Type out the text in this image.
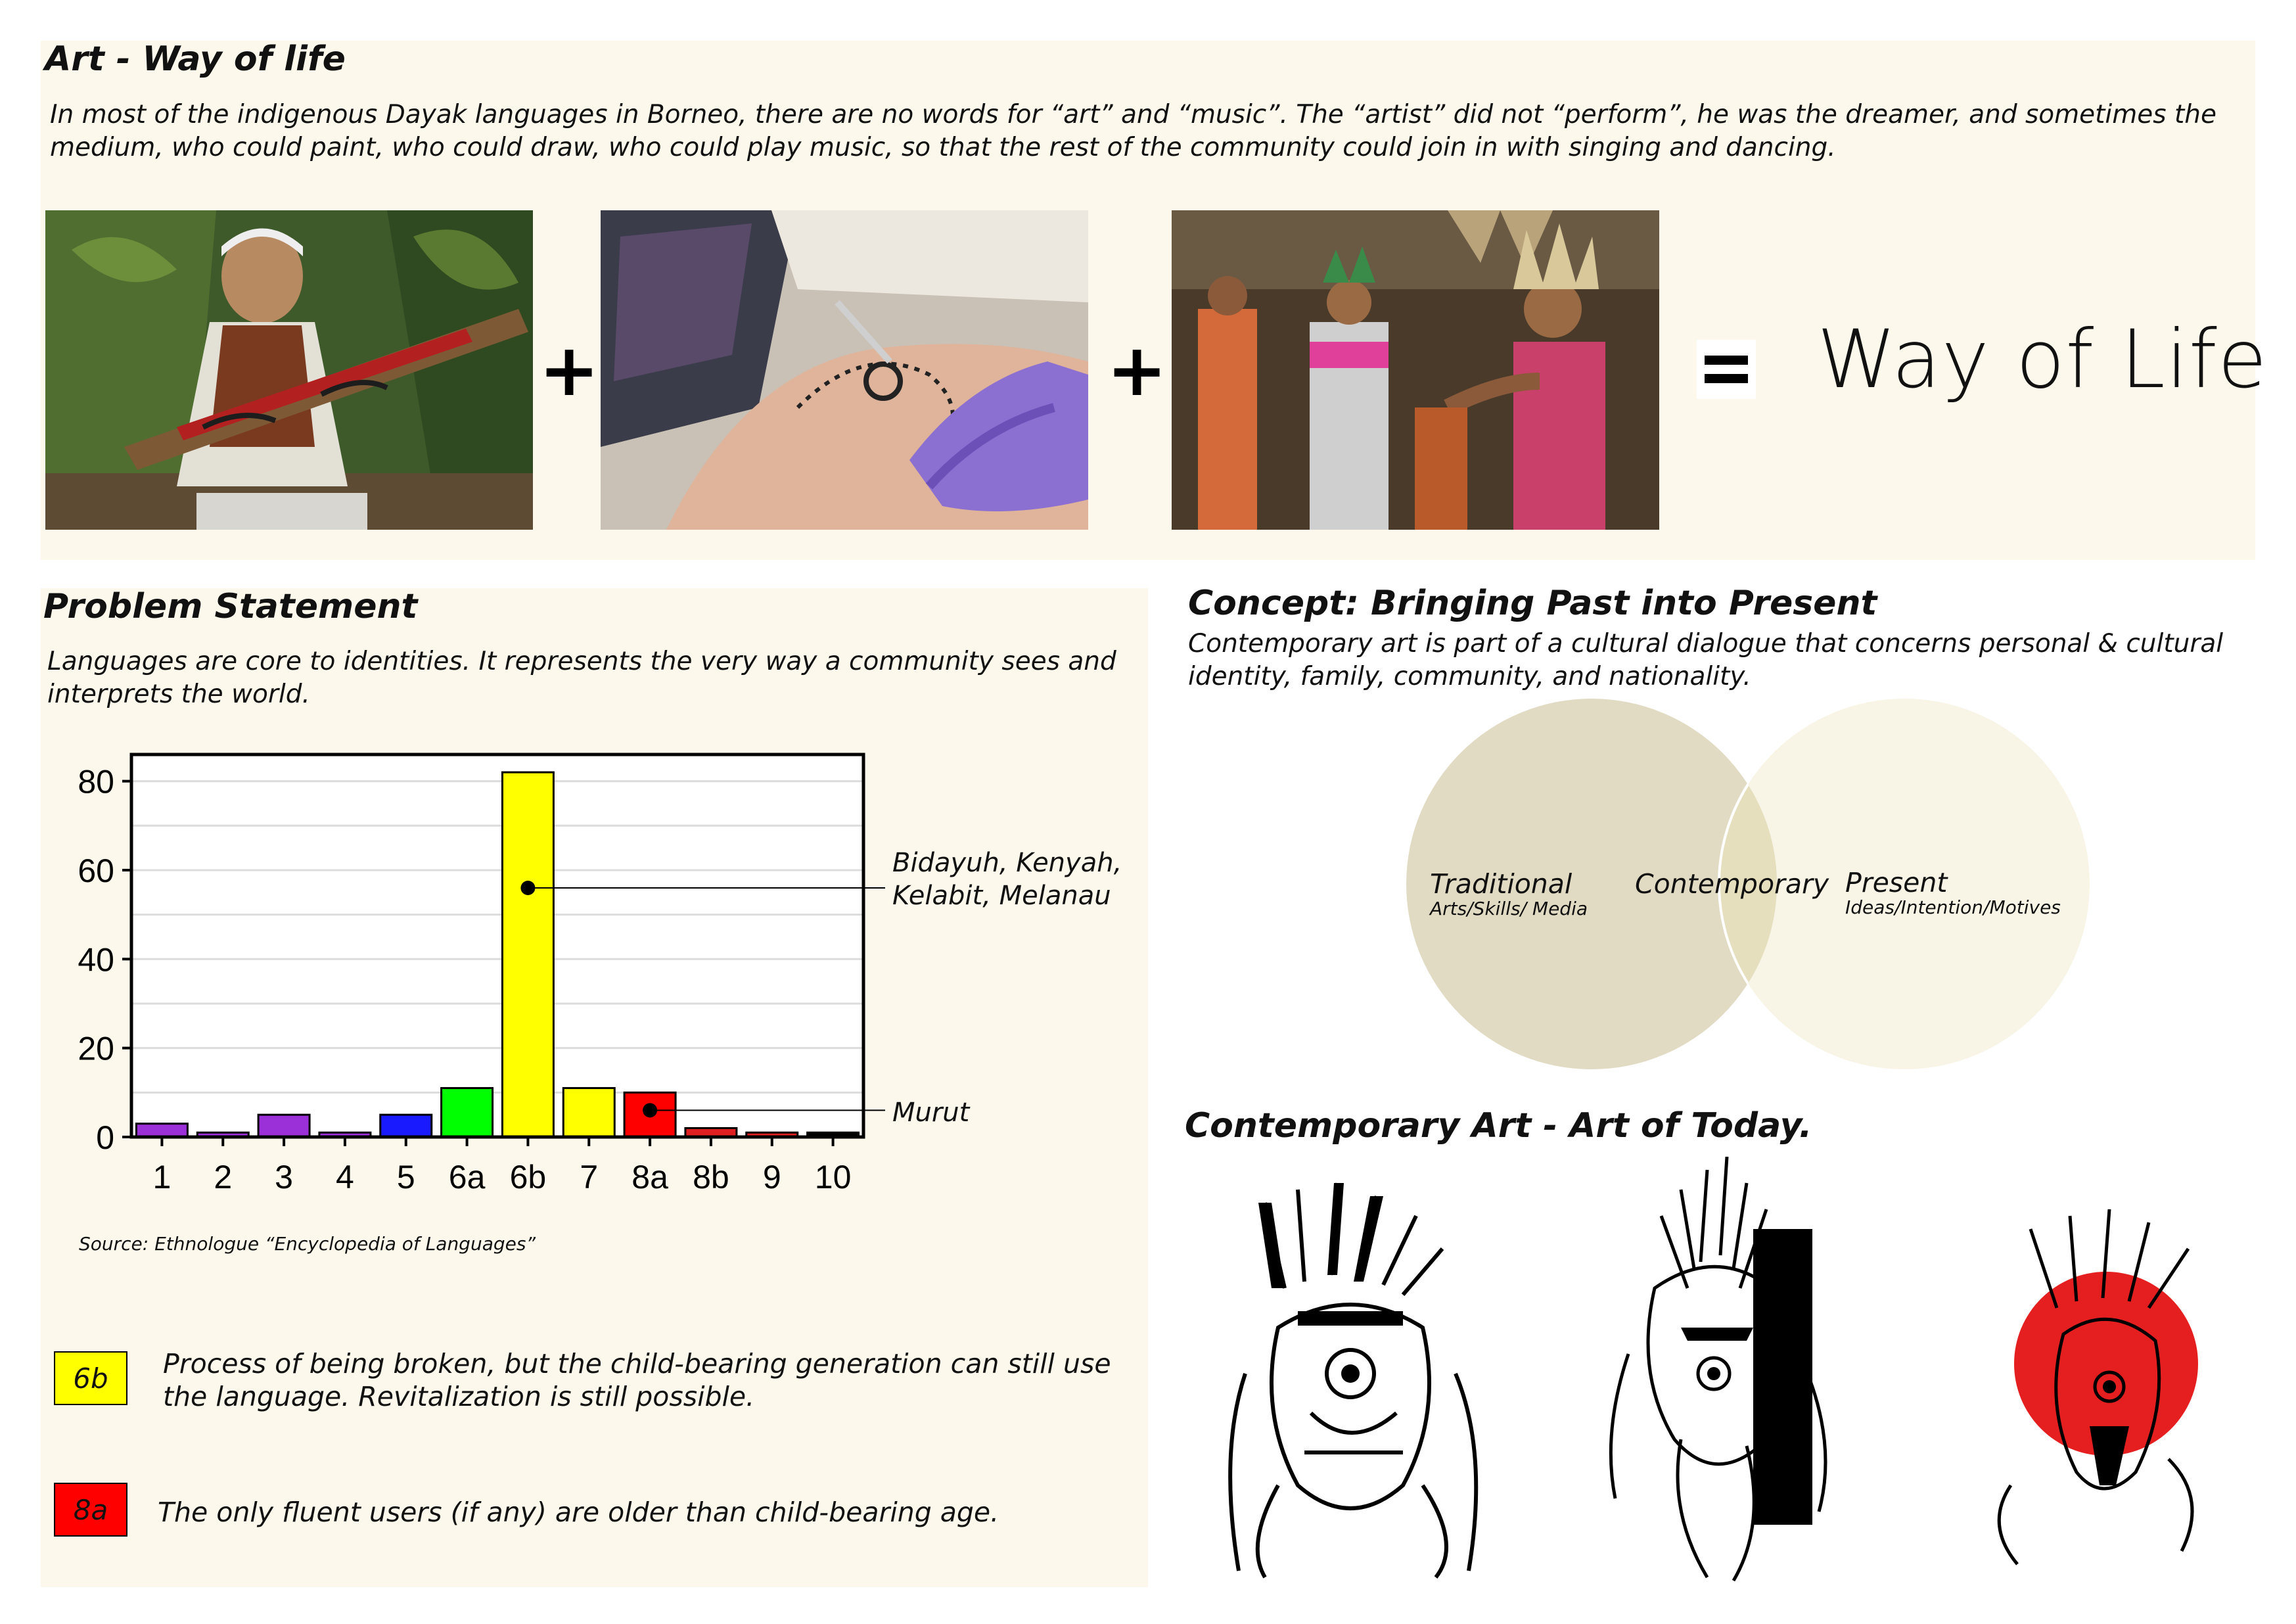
Art - Way of life

In most of the indigenous Dayak languages in Borneo, there are no words for “art” and “music”. The “artist” did not “perform”, he was the dreamer, and sometimes the medium, who could paint, who could draw, who could play music, so that the rest of the community could join in with singing and dancing.

+	+	Way of Life
Problem Statement

Languages are core to identities. It represents the very way a community sees and interprets the world.

0
20
40
60
80
1 2 3 4 5 6a 6b 7 8a 8b 9 10
Bidayuh, Kenyah, Kelabit, Melanau
Murut
Source: Ethnologue “Encyclopedia of Languages”
6b	Process of being broken, but the child-bearing generation can still use the language. Revitalization is still possible.

8a	The only fluent users (if any) are older than child-bearing age.

Concept: Bringing Past into Present

Contemporary art is part of a cultural dialogue that concerns personal & cultural identity, family, community, and nationality.

Traditional
Arts/Skills/ Media
Contemporary Present
Ideas/Intention/Motives
Contemporary Art - Art of Today.
